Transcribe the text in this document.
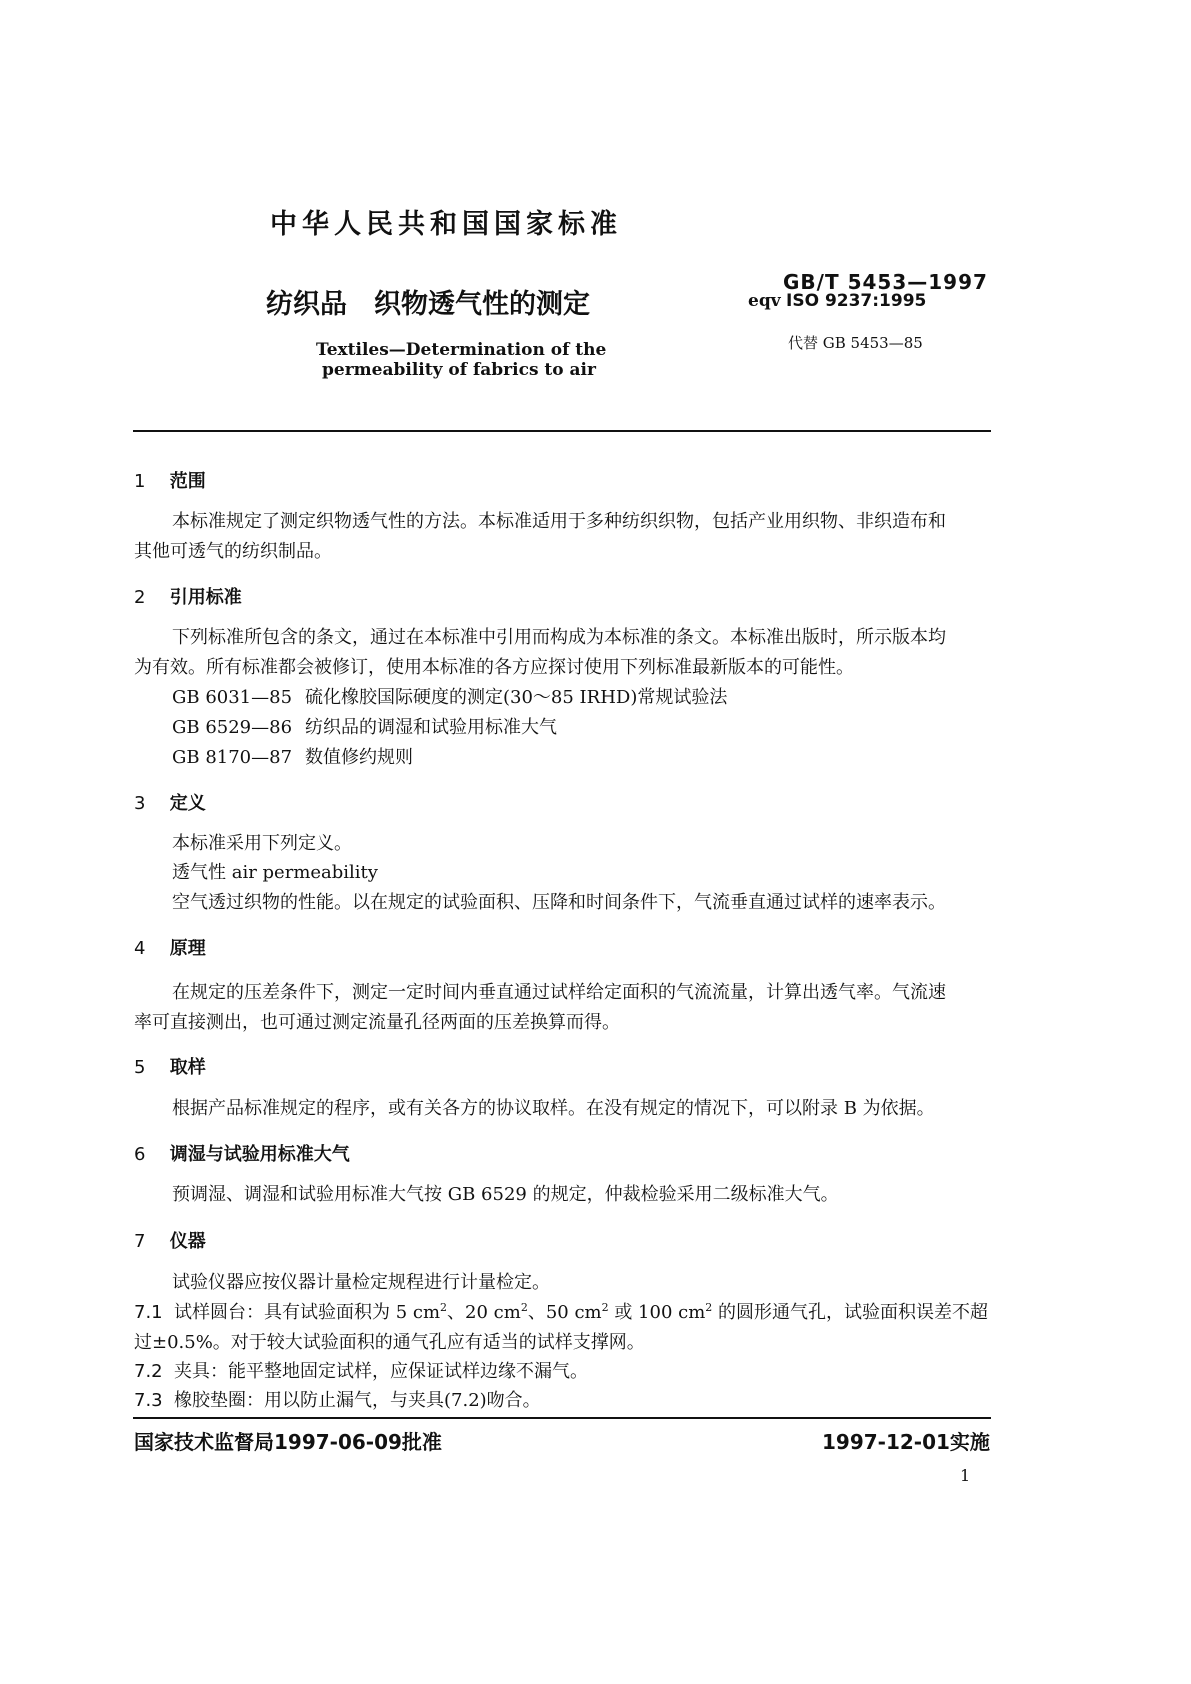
中华人民共和国国家标准
纺织品　织物透气性的测定
Textiles—Determination of the
permeability of fabrics to air
GB/T 5453—1997
eqv ISO 9237:1995
代替 GB 5453—85
1 范围
本标准规定了测定织物透气性的方法。本标准适用于多种纺织织物，包括产业用织物、非织造布和
其他可透气的纺织制品。
2 引用标准
下列标准所包含的条文，通过在本标准中引用而构成为本标准的条文。本标准出版时，所示版本均
为有效。所有标准都会被修订，使用本标准的各方应探讨使用下列标准最新版本的可能性。
GB 6031—85 硫化橡胶国际硬度的测定(30～85 IRHD)常规试验法
GB 6529—86 纺织品的调湿和试验用标准大气
GB 8170—87 数值修约规则
3 定义
本标准采用下列定义。
透气性 air permeability
空气透过织物的性能。以在规定的试验面积、压降和时间条件下，气流垂直通过试样的速率表示。
4 原理
在规定的压差条件下，测定一定时间内垂直通过试样给定面积的气流流量，计算出透气率。气流速
率可直接测出，也可通过测定流量孔径两面的压差换算而得。
5 取样
根据产品标准规定的程序，或有关各方的协议取样。在没有规定的情况下，可以附录 B 为依据。
6 调湿与试验用标准大气
预调湿、调湿和试验用标准大气按 GB 6529 的规定，仲裁检验采用二级标准大气。
7 仪器
试验仪器应按仪器计量检定规程进行计量检定。
7.1 试样圆台：具有试验面积为 5 $cm^2$、20 $cm^2$、50 $cm^2$ 或 100 $cm^2$ 的圆形通气孔，试验面积误差不超
过±0.5%。对于较大试验面积的通气孔应有适当的试样支撑网。
7.2 夹具：能平整地固定试样，应保证试样边缘不漏气。
7.3 橡胶垫圈：用以防止漏气，与夹具(7.2)吻合。
国家技术监督局1997-06-09批准	1997-12-01实施
1
